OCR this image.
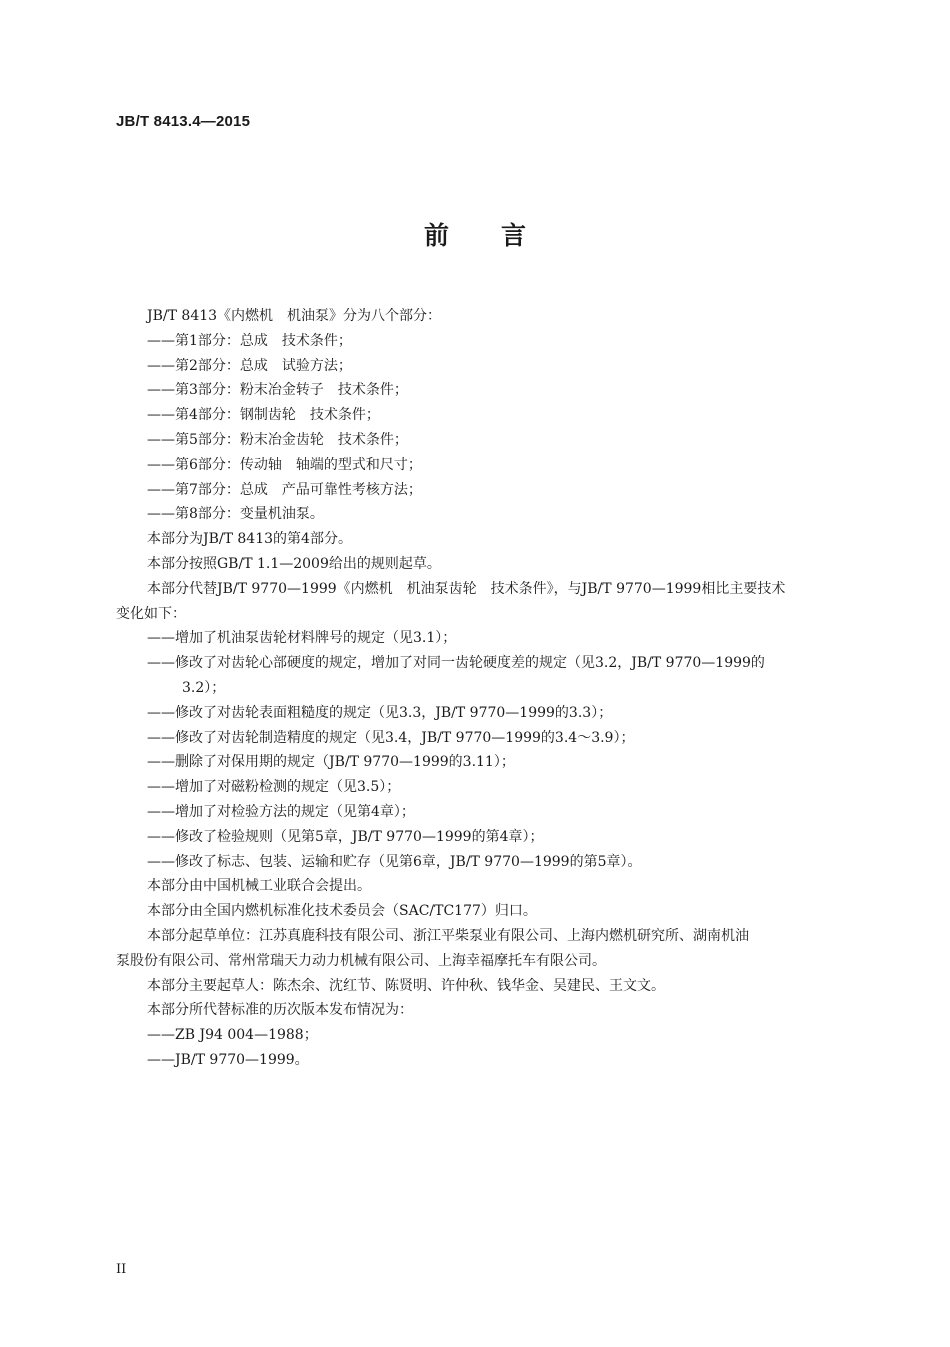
JB/T 8413.4—2015
前言
JB/T 8413《内燃机　机油泵》分为八个部分：
——第1部分：总成　技术条件；
——第2部分：总成　试验方法；
——第3部分：粉末冶金转子　技术条件；
——第4部分：钢制齿轮　技术条件；
——第5部分：粉末冶金齿轮　技术条件；
——第6部分：传动轴　轴端的型式和尺寸；
——第7部分：总成　产品可靠性考核方法；
——第8部分：变量机油泵。
本部分为JB/T 8413的第4部分。
本部分按照GB/T 1.1—2009给出的规则起草。
本部分代替JB/T 9770—1999《内燃机　机油泵齿轮　技术条件》，与JB/T 9770—1999相比主要技术
变化如下：
——增加了机油泵齿轮材料牌号的规定（见3.1）；
——修改了对齿轮心部硬度的规定，增加了对同一齿轮硬度差的规定（见3.2，JB/T 9770—1999的
3.2）；
——修改了对齿轮表面粗糙度的规定（见3.3，JB/T 9770—1999的3.3）；
——修改了对齿轮制造精度的规定（见3.4，JB/T 9770—1999的3.4～3.9）；
——删除了对保用期的规定（JB/T 9770—1999的3.11）；
——增加了对磁粉检测的规定（见3.5）；
——增加了对检验方法的规定（见第4章）；
——修改了检验规则（见第5章，JB/T 9770—1999的第4章）；
——修改了标志、包装、运输和贮存（见第6章，JB/T 9770—1999的第5章）。
本部分由中国机械工业联合会提出。
本部分由全国内燃机标准化技术委员会（SAC/TC177）归口。
本部分起草单位：江苏真鹿科技有限公司、浙江平柴泵业有限公司、上海内燃机研究所、湖南机油
泵股份有限公司、常州常瑞天力动力机械有限公司、上海幸福摩托车有限公司。
本部分主要起草人：陈杰余、沈红节、陈贤明、许仲秋、钱华金、吴建民、王文文。
本部分所代替标准的历次版本发布情况为：
——ZB J94 004—1988；
——JB/T 9770—1999。
II
